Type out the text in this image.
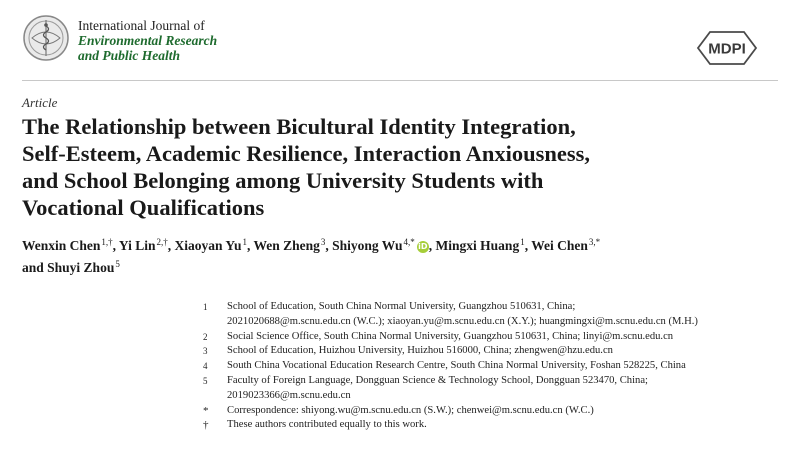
International Journal of
Environmental Research
and Public Health	MDPI
Article
The Relationship between Bicultural Identity Integration,
Self-Esteem, Academic Resilience, Interaction Anxiousness,
and School Belonging among University Students with
Vocational Qualifications
Wenxin Chen$^{1,\dagger}$, Yi Lin$^{2,\dagger}$, Xiaoyan Yu$^1$, Wen Zheng$^3$, Shiyong $Wu^{4,*}$ iD, Mingxi Huang$^1$, Wei Chen$^{3,*}$
and Shuyi Zhou$^5$
1	School of Education, South China Normal University, Guangzhou 510631, China;
2021020688@m.scnu.edu.cn (W.C.); xiaoyan.yu@m.scnu.edu.cn (X.Y.); huangmingxi@m.scnu.edu.cn (M.H.)
2	Social Science Office, South China Normal University, Guangzhou 510631, China; linyi@m.scnu.edu.cn
3	School of Education, Huizhou University, Huizhou 516000, China; zhengwen@hzu.edu.cn
4	South China Vocational Education Research Centre, South China Normal University, Foshan 528225, China
5	Faculty of Foreign Language, Dongguan Science & Technology School, Dongguan 523470, China;
2019023366@m.scnu.edu.cn
*	Correspondence: shiyong.wu@m.scnu.edu.cn (S.W.); chenwei@m.scnu.edu.cn (W.C.)
†	These authors contributed equally to this work.
